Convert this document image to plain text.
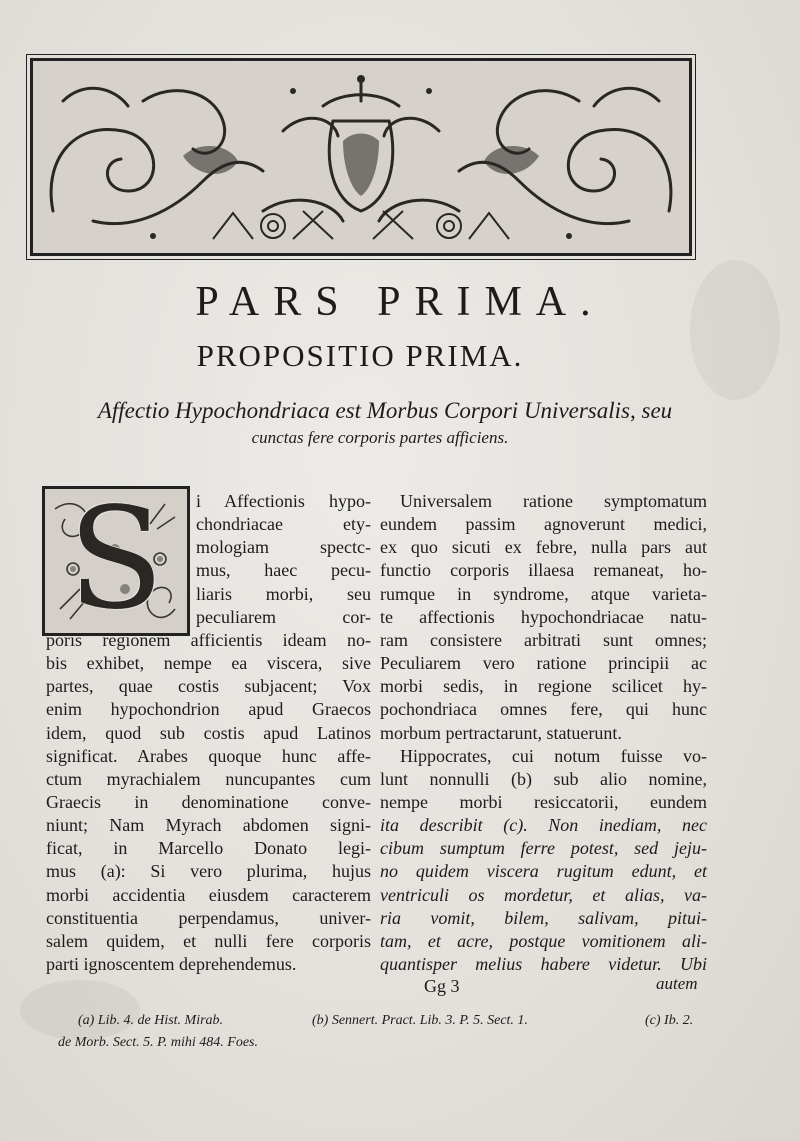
PARS PRIMA.
PROPOSITIO PRIMA.
Affectio Hypochondriaca est Morbus Corpori Universalis, seu
cunctas fere corporis partes afficiens.
S
Gg 3	autem
(a) Lib. 4. de Hist. Mirab.	(b) Sennert. Pract. Lib. 3. P. 5. Sect. 1.	(c) Ib. 2.
de Morb. Sect. 5. P. mihi 484. Foes.
i Affectionis hypo-
chondriacae ety-
mologiam spectc-
mus, haec pecu-
liaris morbi, seu
peculiarem cor-
poris regionem afficientis ideam no-
bis exhibet, nempe ea viscera, sive
partes, quae costis subjacent; Vox
enim hypochondrion apud Graecos
idem, quod sub costis apud Latinos
significat. Arabes quoque hunc affe-
ctum myrachialem nuncupantes cum
Graecis in denominatione conve-
niunt; Nam Myrach abdomen signi-
ficat, in Marcello Donato legi-
mus (a): Si vero plurima, hujus
morbi accidentia eiusdem caracterem
constituentia perpendamus, univer-
salem quidem, et nulli fere corporis
parti ignoscentem deprehendemus.
Universalem ratione symptomatum
eundem passim agnoverunt medici,
ex quo sicuti ex febre, nulla pars aut
functio corporis illaesa remaneat, ho-
rumque in syndrome, atque varieta-
te affectionis hypochondriacae natu-
ram consistere arbitrati sunt omnes;
Peculiarem vero ratione principii ac
morbi sedis, in regione scilicet hy-
pochondriaca omnes fere, qui hunc
morbum pertractarunt, statuerunt.
Hippocrates, cui notum fuisse vo-
lunt nonnulli (b) sub alio nomine,
nempe morbi resiccatorii, eundem
ita describit (c). Non inediam, nec
cibum sumptum ferre potest, sed jeju-
no quidem viscera rugitum edunt, et
ventriculi os mordetur, et alias, va-
ria vomit, bilem, salivam, pitui-
tam, et acre, postque vomitionem ali-
quantisper melius habere videtur. Ubi
